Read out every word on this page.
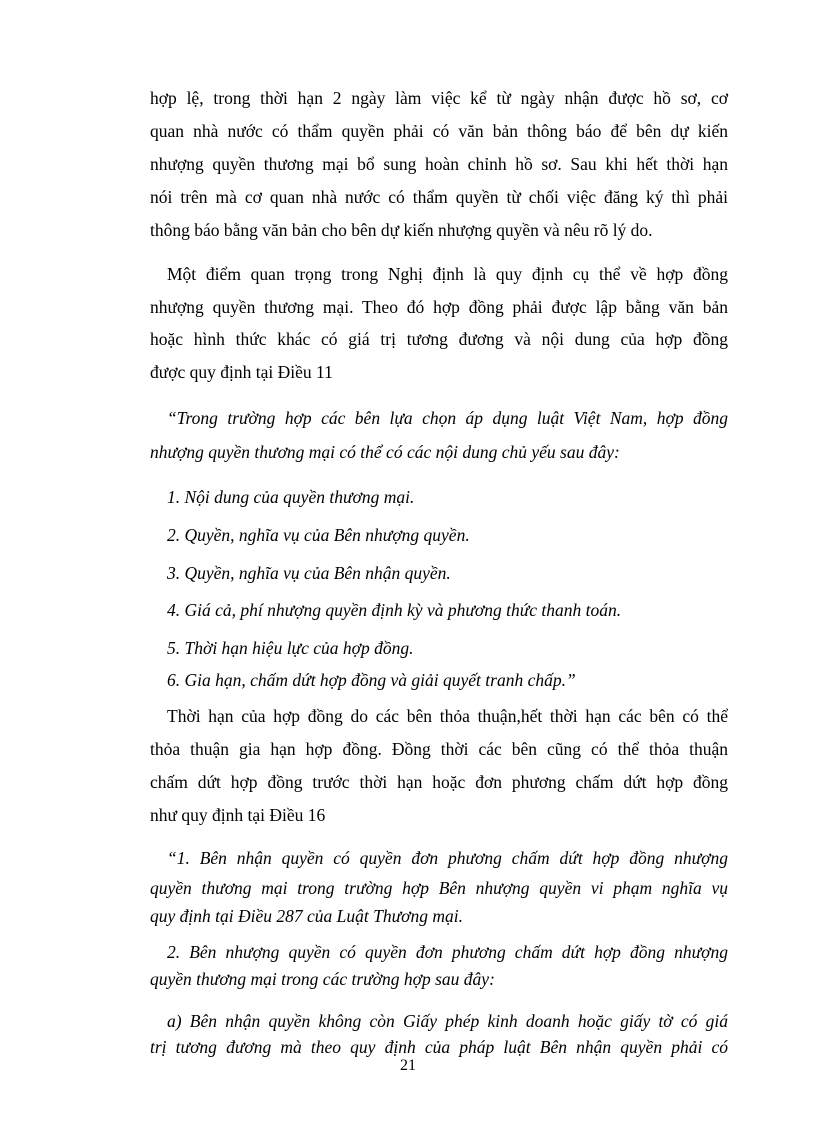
hợp lệ, trong thời hạn 2 ngày làm việc kể từ ngày nhận được hồ sơ, cơ
quan nhà nước có thẩm quyền phải có văn bản thông báo để bên dự kiến
nhượng quyền thương mại bổ sung hoàn chỉnh hồ sơ. Sau khi hết thời hạn
nói trên mà cơ quan nhà nước có thẩm quyền từ chối việc đăng ký thì phải
thông báo bằng văn bản cho bên dự kiến nhượng quyền và nêu rõ lý do.
Một điểm quan trọng trong Nghị định là quy định cụ thể về hợp đồng
nhượng quyền thương mại. Theo đó hợp đồng phải được lập bằng văn bản
hoặc hình thức khác có giá trị tương đương và nội dung của hợp đồng
được quy định tại Điều 11
“Trong trường hợp các bên lựa chọn áp dụng luật Việt Nam, hợp đồng
nhượng quyền thương mại có thể có các nội dung chủ yếu sau đây:
1. Nội dung của quyền thương mại.
2. Quyền, nghĩa vụ của Bên nhượng quyền.
3. Quyền, nghĩa vụ của Bên nhận quyền.
4. Giá cả, phí nhượng quyền định kỳ và phương thức thanh toán.
5. Thời hạn hiệu lực của hợp đồng.
6. Gia hạn, chấm dứt hợp đồng và giải quyết tranh chấp.”
Thời hạn của hợp đồng do các bên thỏa thuận,hết thời hạn các bên có thể
thỏa thuận gia hạn hợp đồng. Đồng thời các bên cũng có thể thỏa thuận
chấm dứt hợp đồng trước thời hạn hoặc đơn phương chấm dứt hợp đồng
như quy định tại Điều 16
“1. Bên nhận quyền có quyền đơn phương chấm dứt hợp đồng nhượng
quyền thương mại trong trường hợp Bên nhượng quyền vi phạm nghĩa vụ
quy định tại Điều 287 của Luật Thương mại.
2. Bên nhượng quyền có quyền đơn phương chấm dứt hợp đồng nhượng
quyền thương mại trong các trường hợp sau đây:
a) Bên nhận quyền không còn Giấy phép kinh doanh hoặc giấy tờ có giá
trị tương đương mà theo quy định của pháp luật Bên nhận quyền phải có
21
